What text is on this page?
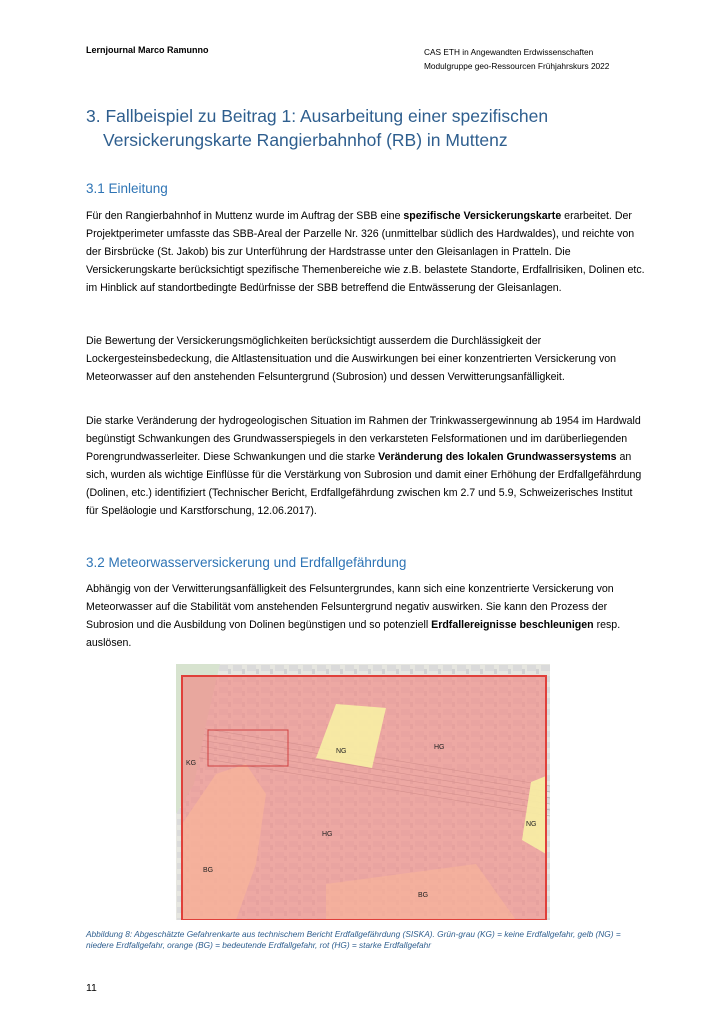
Lernjournal Marco Ramunno	CAS ETH in Angewandten Erdwissenschaften
Modulgruppe geo-Ressourcen Frühjahrskurs 2022
3. Fallbeispiel zu Beitrag 1: Ausarbeitung einer spezifischen
Versickerungskarte Rangierbahnhof (RB) in Muttenz
3.1 Einleitung

Für den Rangierbahnhof in Muttenz wurde im Auftrag der SBB eine spezifische Versickerungskarte erarbeitet. Der Projektperimeter umfasste das SBB-Areal der Parzelle Nr. 326 (unmittelbar südlich des Hardwaldes), und reichte von der Birsbrücke (St. Jakob) bis zur Unterführung der Hardstrasse unter den Gleisanlagen in Pratteln. Die Versickerungskarte berücksichtigt spezifische Themenbereiche wie z.B. belastete Standorte, Erdfallrisiken, Dolinen etc. im Hinblick auf standortbedingte Bedürfnisse der SBB betreffend die Entwässerung der Gleisanlagen.

Die Bewertung der Versickerungsmöglichkeiten berücksichtigt ausserdem die Durchlässigkeit der Lockergesteinsbedeckung, die Altlastensituation und die Auswirkungen bei einer konzentrierten Versickerung von Meteorwasser auf den anstehenden Felsuntergrund (Subrosion) und dessen Verwitterungsanfälligkeit.

Die starke Veränderung der hydrogeologischen Situation im Rahmen der Trinkwassergewinnung ab 1954 im Hardwald begünstigt Schwankungen des Grundwasserspiegels in den verkarsteten Felsformationen und im darüberliegenden Porengrundwasserleiter. Diese Schwankungen und die starke Veränderung des lokalen Grundwassersystems an sich, wurden als wichtige Einflüsse für die Verstärkung von Subrosion und damit einer Erhöhung der Erdfallgefährdung (Dolinen, etc.) identifiziert (Technischer Bericht, Erdfallgefährdung zwischen km 2.7 und 5.9, Schweizerisches Institut für Speläologie und Karstforschung, 12.06.2017).

3.2 Meteorwasserversickerung und Erdfallgefährdung

Abhängig von der Verwitterungsanfälligkeit des Felsuntergrundes, kann sich eine konzentrierte Versickerung von Meteorwasser auf die Stabilität vom anstehenden Felsuntergrund negativ auswirken. Sie kann den Prozess der Subrosion und die Ausbildung von Dolinen begünstigen und so potenziell Erdfallereignisse beschleunigen resp. auslösen.

KG
NG
HG
HG
NG
BG
BG
Abbildung 8: Abgeschätzte Gefahrenkarte aus technischem Bericht Erdfallgefährdung (SISKA). Grün-grau (KG) = keine Erdfallgefahr, gelb (NG) = niedere Erdfallgefahr, orange (BG) = bedeutende Erdfallgefahr, rot (HG) = starke Erdfallgefahr
11
